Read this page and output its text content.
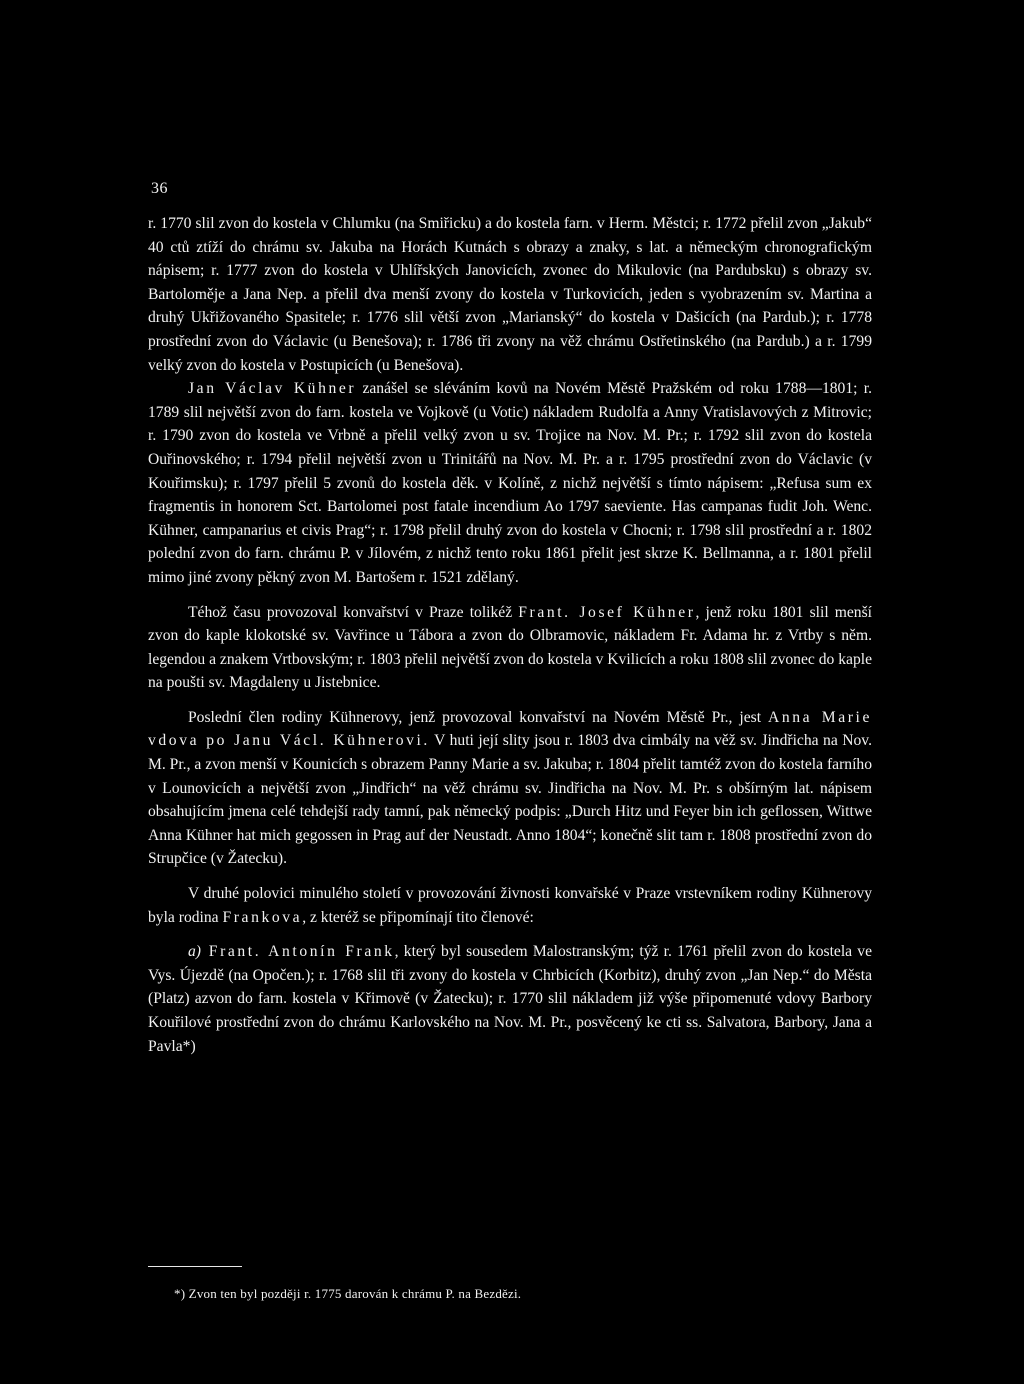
36

r. 1770 slil zvon do kostela v Chlumku (na Smiřicku) a do kostela farn. v Herm. Městci; r. 1772 přelil zvon „Jakub“ 40 ctů ztíží do chrámu sv. Jakuba na Horách Kutnách s obrazy a znaky, s lat. a německým chronografickým nápisem; r. 1777 zvon do kostela v Uhlířských Janovicích, zvonec do Mikulovic (na Pardubsku) s obrazy sv. Bartoloměje a Jana Nep. a přelil dva menší zvony do kostela v Turkovicích, jeden s vyobrazením sv. Martina a druhý Ukřižovaného Spasitele; r. 1776 slil větší zvon „Marianský“ do kostela v Dašicích (na Pardub.); r. 1778 prostřední zvon do Václavic (u Benešova); r. 1786 tři zvony na věž chrámu Ostřetinského (na Pardub.) a r. 1799 velký zvon do kostela v Postupicích (u Benešova).

Jan Václav Kühner zanášel se sléváním kovů na Novém Městě Pražském od roku 1788—1801; r. 1789 slil největší zvon do farn. kostela ve Vojkově (u Votic) nákladem Rudolfa a Anny Vratislavových z Mitrovic; r. 1790 zvon do kostela ve Vrbně a přelil velký zvon u sv. Trojice na Nov. M. Pr.; r. 1792 slil zvon do kostela Ouřinovského; r. 1794 přelil největší zvon u Trinitářů na Nov. M. Pr. a r. 1795 prostřední zvon do Václavic (v Kouřimsku); r. 1797 přelil 5 zvonů do kostela děk. v Kolíně, z nichž největší s tímto nápisem: „Refusa sum ex fragmentis in honorem Sct. Bartolomei post fatale incendium Ao 1797 saeviente. Has campanas fudit Joh. Wenc. Kühner, campanarius et civis Prag“; r. 1798 přelil druhý zvon do kostela v Chocni; r. 1798 slil prostřední a r. 1802 polední zvon do farn. chrámu P. v Jílovém, z nichž tento roku 1861 přelit jest skrze K. Bellmanna, a r. 1801 přelil mimo jiné zvony pěkný zvon M. Bartošem r. 1521 zdělaný.

Téhož času provozoval konvařství v Praze tolikéž Frant. Josef Kühner, jenž roku 1801 slil menší zvon do kaple klokotské sv. Vavřince u Tábora a zvon do Olbramovic, nákladem Fr. Adama hr. z Vrtby s něm. legendou a znakem Vrtbovským; r. 1803 přelil největší zvon do kostela v Kvilicích a roku 1808 slil zvonec do kaple na poušti sv. Magdaleny u Jistebnice.

Poslední člen rodiny Kühnerovy, jenž provozoval konvařství na Novém Městě Pr., jest Anna Marie vdova po Janu Václ. Kühnerovi. V huti její slity jsou r. 1803 dva cimbály na věž sv. Jindřicha na Nov. M. Pr., a zvon menší v Kounicích s obrazem Panny Marie a sv. Jakuba; r. 1804 přelit tamtéž zvon do kostela farního v Lounovicích a největší zvon „Jindřich“ na věž chrámu sv. Jindřicha na Nov. M. Pr. s obšírným lat. nápisem obsahujícím jmena celé tehdejší rady tamní, pak německý podpis: „Durch Hitz und Feyer bin ich geflossen, Wittwe Anna Kühner hat mich gegossen in Prag auf der Neustadt. Anno 1804“; konečně slit tam r. 1808 prostřední zvon do Strupčice (v Žatecku).

V druhé polovici minulého století v provozování živnosti konvařské v Praze vrstevníkem rodiny Kühnerovy byla rodina Frankova, z kteréž se připomínají tito členové:

a) Frant. Antonín Frank, který byl sousedem Malostranským; týž r. 1761 přelil zvon do kostela ve Vys. Újezdě (na Opočen.); r. 1768 slil tři zvony do kostela v Chrbicích (Korbitz), druhý zvon „Jan Nep.“ do Města (Platz) azvon do farn. kostela v Křimově (v Žatecku); r. 1770 slil nákladem již výše připomenuté vdovy Barbory Kouřilové prostřední zvon do chrámu Karlovského na Nov. M. Pr., posvěcený ke cti ss. Salvatora, Barbory, Jana a Pavla*)

*) Zvon ten byl později r. 1775 darován k chrámu P. na Bezdězi.
